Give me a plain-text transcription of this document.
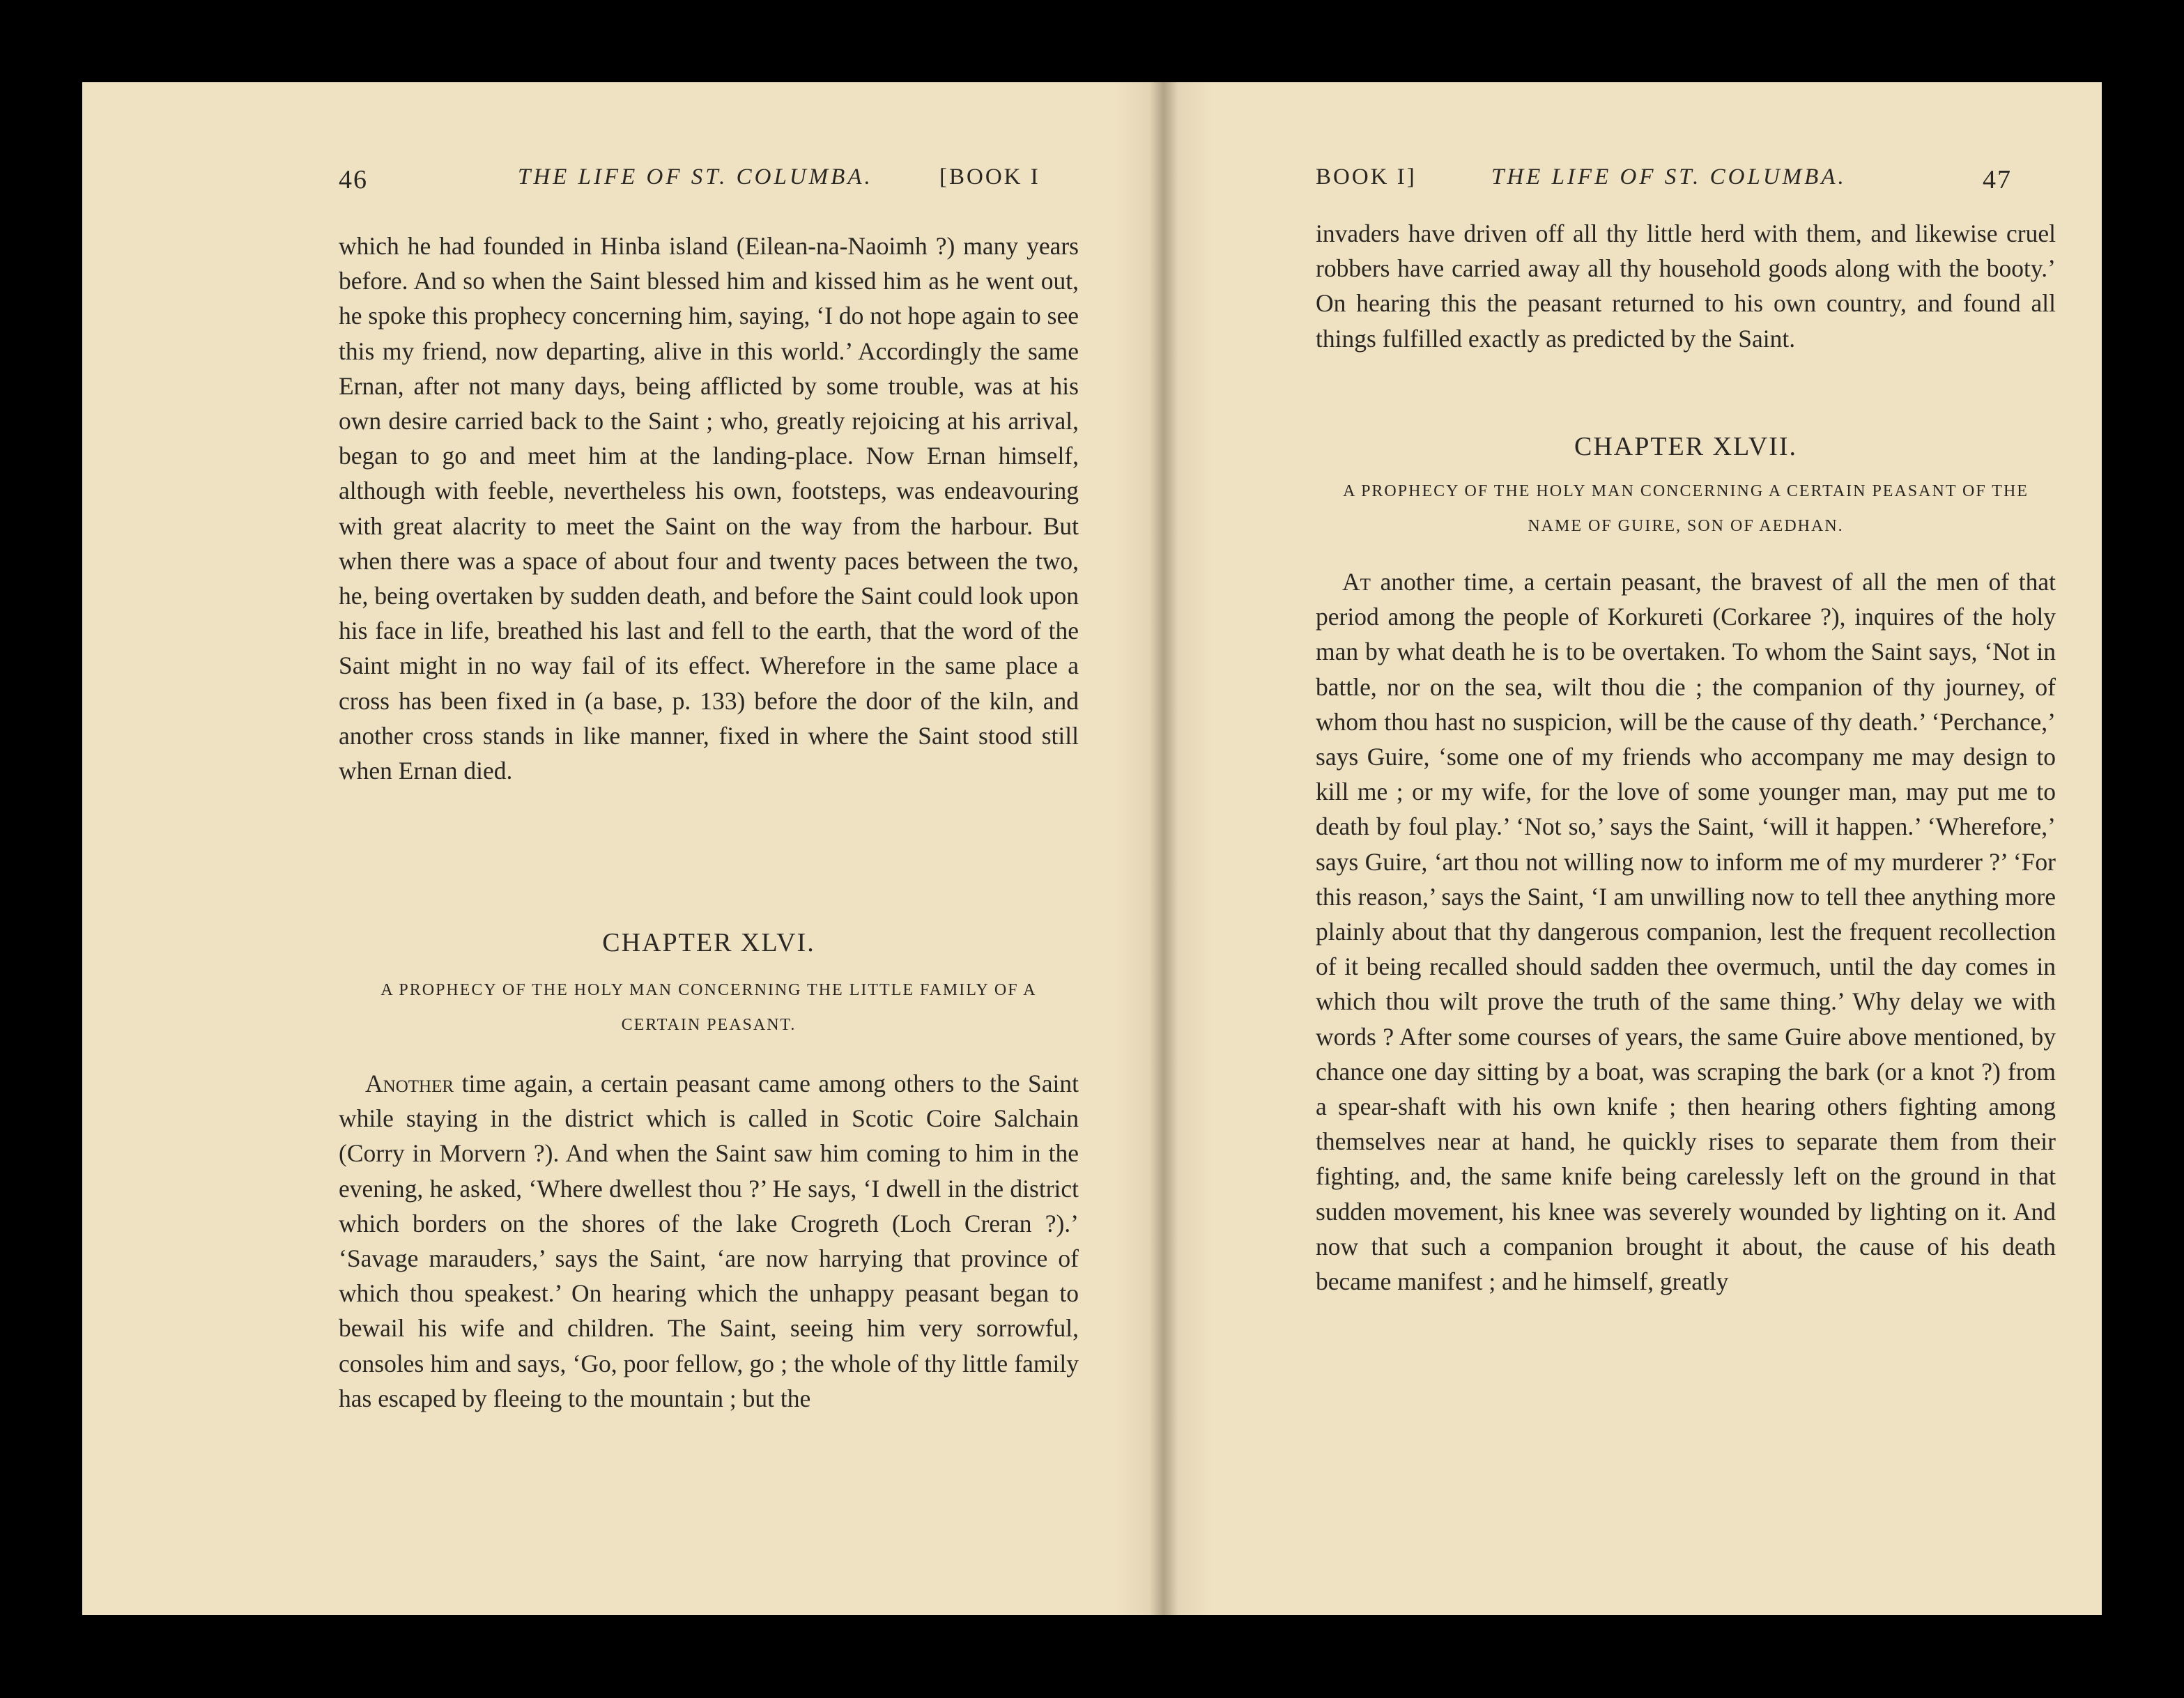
46	THE LIFE OF ST. COLUMBA.	[BOOK I

which he had founded in Hinba island (Eilean-na-Naoimh ?) many years before. And so when the Saint blessed him and kissed him as he went out, he spoke this prophecy concerning him, saying, ‘I do not hope again to see this my friend, now departing, alive in this world.’ Accordingly the same Ernan, after not many days, being afflicted by some trouble, was at his own desire carried back to the Saint ; who, greatly rejoicing at his arrival, began to go and meet him at the landing-place. Now Ernan himself, although with feeble, nevertheless his own, footsteps, was endeavouring with great alacrity to meet the Saint on the way from the harbour. But when there was a space of about four and twenty paces between the two, he, being overtaken by sudden death, and before the Saint could look upon his face in life, breathed his last and fell to the earth, that the word of the Saint might in no way fail of its effect. Wherefore in the same place a cross has been fixed in (a base, p. 133) before the door of the kiln, and another cross stands in like manner, fixed in where the Saint stood still when Ernan died.

CHAPTER XLVI.

A PROPHECY OF THE HOLY MAN CONCERNING THE LITTLE FAMILY OF A CERTAIN PEASANT.

Another time again, a certain peasant came among others to the Saint while staying in the district which is called in Scotic Coire Salchain (Corry in Morvern ?). And when the Saint saw him coming to him in the evening, he asked, ‘Where dwellest thou ?’ He says, ‘I dwell in the district which borders on the shores of the lake Crogreth (Loch Creran ?).’ ‘Savage marauders,’ says the Saint, ‘are now harrying that province of which thou speakest.’ On hearing which the unhappy peasant began to bewail his wife and children. The Saint, seeing him very sorrowful, consoles him and says, ‘Go, poor fellow, go ; the whole of thy little family has escaped by fleeing to the mountain ; but the

BOOK I]	THE LIFE OF ST. COLUMBA.	47

invaders have driven off all thy little herd with them, and likewise cruel robbers have carried away all thy household goods along with the booty.’ On hearing this the peasant returned to his own country, and found all things fulfilled exactly as predicted by the Saint.

CHAPTER XLVII.

A PROPHECY OF THE HOLY MAN CONCERNING A CERTAIN PEASANT OF THE NAME OF GUIRE, SON OF AEDHAN.

At another time, a certain peasant, the bravest of all the men of that period among the people of Korkureti (Corkaree ?), inquires of the holy man by what death he is to be overtaken. To whom the Saint says, ‘Not in battle, nor on the sea, wilt thou die ; the companion of thy journey, of whom thou hast no suspicion, will be the cause of thy death.’ ‘Perchance,’ says Guire, ‘some one of my friends who accompany me may design to kill me ; or my wife, for the love of some younger man, may put me to death by foul play.’ ‘Not so,’ says the Saint, ‘will it happen.’ ‘Wherefore,’ says Guire, ‘art thou not willing now to inform me of my murderer ?’ ‘For this reason,’ says the Saint, ‘I am unwilling now to tell thee anything more plainly about that thy dangerous companion, lest the frequent recollection of it being recalled should sadden thee overmuch, until the day comes in which thou wilt prove the truth of the same thing.’ Why delay we with words ? After some courses of years, the same Guire above mentioned, by chance one day sitting by a boat, was scraping the bark (or a knot ?) from a spear-shaft with his own knife ; then hearing others fighting among themselves near at hand, he quickly rises to separate them from their fighting, and, the same knife being carelessly left on the ground in that sudden movement, his knee was severely wounded by lighting on it. And now that such a companion brought it about, the cause of his death became manifest ; and he himself, greatly
